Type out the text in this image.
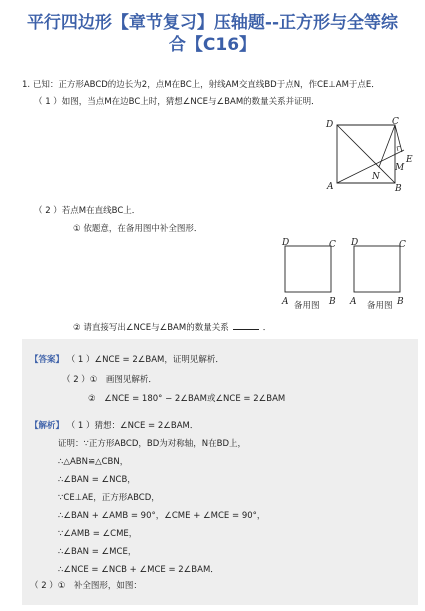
平行四边形【章节复习】压轴题--正方形与全等综
合【C16】
1. 已知：正方形ABCD的边长为2，点M在BC上，射线AM交直线BD于点N，作CE⊥AM于点E．
（ 1 ）如图，当点M在边BC上时，猜想∠NCE与∠BAM的数量关系并证明．
D	C
E
M
N
A	B
（ 2 ）若点M在直线BC上．
① 依题意，在备用图中补全图形．
D	C
A	B
D	C
A	B
备用图	备用图
② 请直接写出∠NCE与∠BAM的数量关系	．
【答案】 （ 1 ）∠NCE = 2∠BAM，证明见解析．
（ 2 ）①　画图见解析．
②　∠NCE = 180° − 2∠BAM或∠NCE = 2∠BAM
【解析】 （ 1 ）猜想：∠NCE = 2∠BAM．
证明：∵正方形ABCD，BD为对称轴，N在BD上，
∴△ABN≌△CBN，
∴∠BAN = ∠NCB，
∵CE⊥AE，正方形ABCD，
∴∠BAN + ∠AMB = 90°，∠CME + ∠MCE = 90°，
∵∠AMB = ∠CME，
∴∠BAN = ∠MCE，
∴∠NCE = ∠NCB + ∠MCE = 2∠BAM．
（ 2 ）①　补全图形，如图：
